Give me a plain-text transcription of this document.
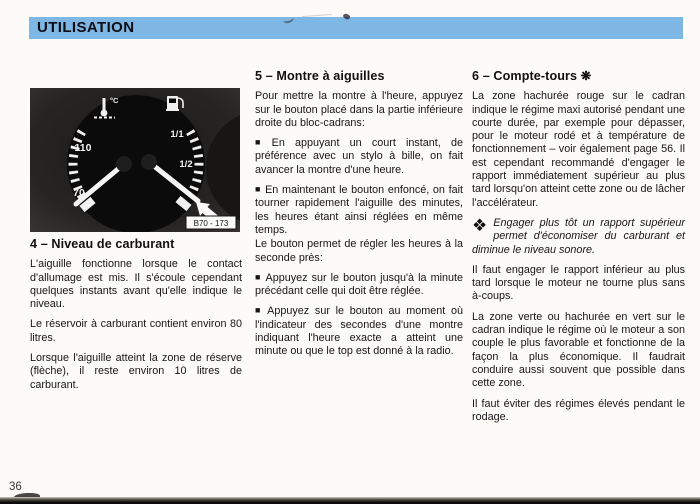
UTILISATION
110
70
1/1
1/2
°C
B70 - 173
4 – Niveau de carburant

L'aiguille fonctionne lorsque le contact d'allumage est mis. Il s'écoule cependant quelques instants avant qu'elle indique le niveau.

Le réservoir à carburant contient environ 80 litres.

Lorsque l'aiguille atteint la zone de réserve (flèche), il reste environ 10 litres de carburant.

5 – Montre à aiguilles

Pour mettre la montre à l'heure, appuyez sur le bouton placé dans la partie inférieure droite du bloc-cadrans:

■ En appuyant un court instant, de préférence avec un stylo à bille, on fait avancer la montre d'une heure.

■ En maintenant le bouton enfoncé, on fait tourner rapidement l'aiguille des minutes, les heures étant ainsi réglées en même temps.

Le bouton permet de régler les heures à la seconde près:

■ Appuyez sur le bouton jusqu'à la minute précédant celle qui doit être réglée.

■ Appuyez sur le bouton au moment où l'indicateur des secondes d'une montre indiquant l'heure exacte a atteint une minute ou que le top est donné à la radio.

6 – Compte-tours ❋

La zone hachurée rouge sur le cadran indique le régime maxi autorisé pendant une courte durée, par exemple pour dépasser, pour le moteur rodé et à température de fonctionnement – voir également page 56. Il est cependant recommandé d'engager le rapport immédiatement supérieur au plus tard lorsqu'on atteint cette zone ou de lâcher l'accélérateur.

❖ Engager plus tôt un rapport supérieur permet d'économiser du carburant et diminue le niveau sonore.

Il faut engager le rapport inférieur au plus tard lorsque le moteur ne tourne plus sans à-coups.

La zone verte ou hachurée en vert sur le cadran indique le régime où le moteur a son couple le plus favorable et fonctionne de la façon la plus économique. Il faudrait conduire aussi souvent que possible dans cette zone.

Il faut éviter des régimes élevés pendant le rodage.

36
